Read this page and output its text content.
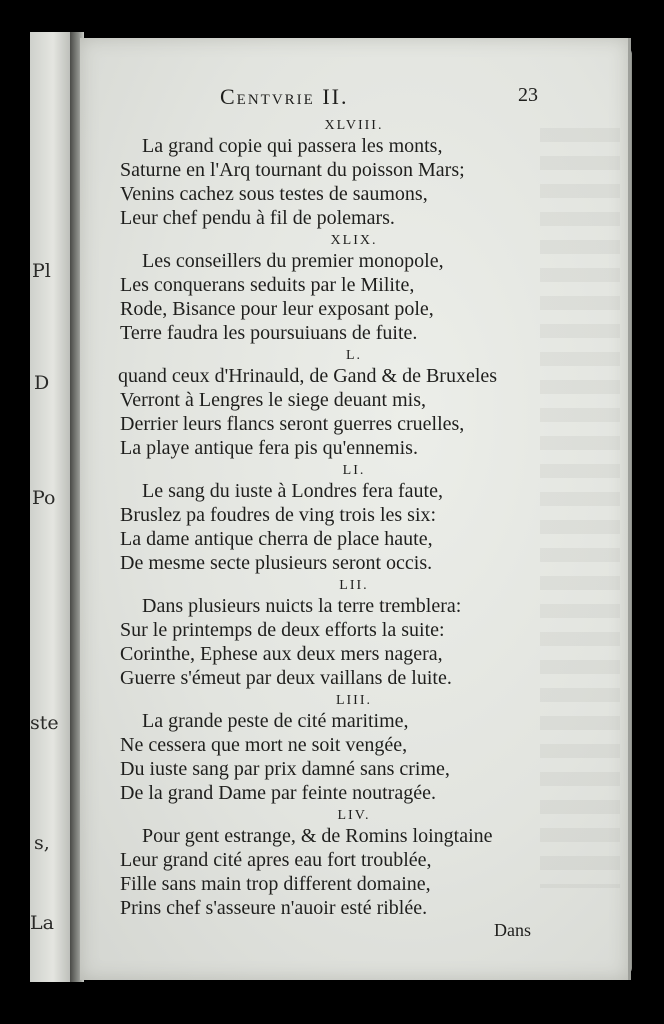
Pl
Po
D
ste
s,
La
Centvrie II.	23
XLVIII.
La grand copie qui passera les monts,
Saturne en l'Arq tournant du poisson Mars;
Venins cachez sous testes de saumons,
Leur chef pendu à fil de polemars.
XLIX.
Les conseillers du premier monopole,
Les conquerans seduits par le Milite,
Rode, Bisance pour leur exposant pole,
Terre faudra les poursuiuans de fuite.
L.
quand ceux d'Hrinauld, de Gand & de Bruxeles
Verront à Lengres le siege deuant mis,
Derrier leurs flancs seront guerres cruelles,
La playe antique fera pis qu'ennemis.
LI.
Le sang du iuste à Londres fera faute,
Bruslez pa foudres de ving trois les six:
La dame antique cherra de place haute,
De mesme secte plusieurs seront occis.
LII.
Dans plusieurs nuicts la terre tremblera:
Sur le printemps de deux efforts la suite:
Corinthe, Ephese aux deux mers nagera,
Guerre s'émeut par deux vaillans de luite.
LIII.
La grande peste de cité maritime,
Ne cessera que mort ne soit vengée,
Du iuste sang par prix damné sans crime,
De la grand Dame par feinte noutragée.
LIV.
Pour gent estrange, & de Romins loingtaine
Leur grand cité apres eau fort troublée,
Fille sans main trop different domaine,
Prins chef s'asseure n'auoir esté riblée.
Dans
